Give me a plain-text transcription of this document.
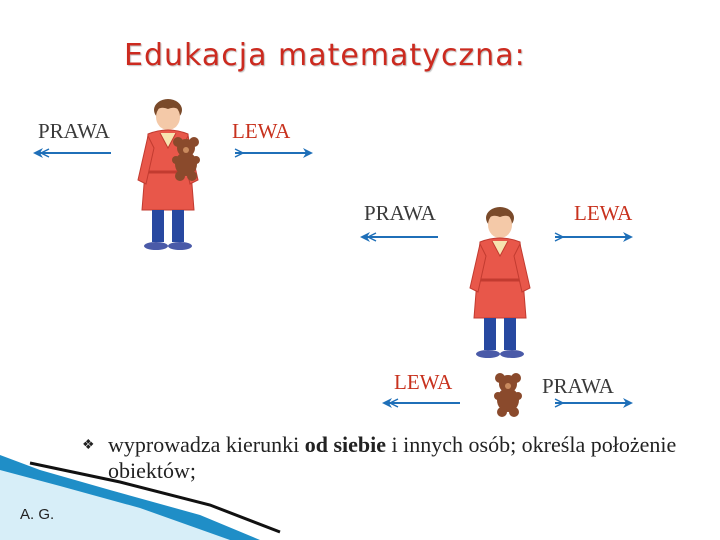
Edukacja matematyczna:

PRAWA	LEWA

PRAWA	LEWA

LEWA	PRAWA

❖ wyprowadza kierunki od siebie i innych osób; określa położenie obiektów;

A. G.
